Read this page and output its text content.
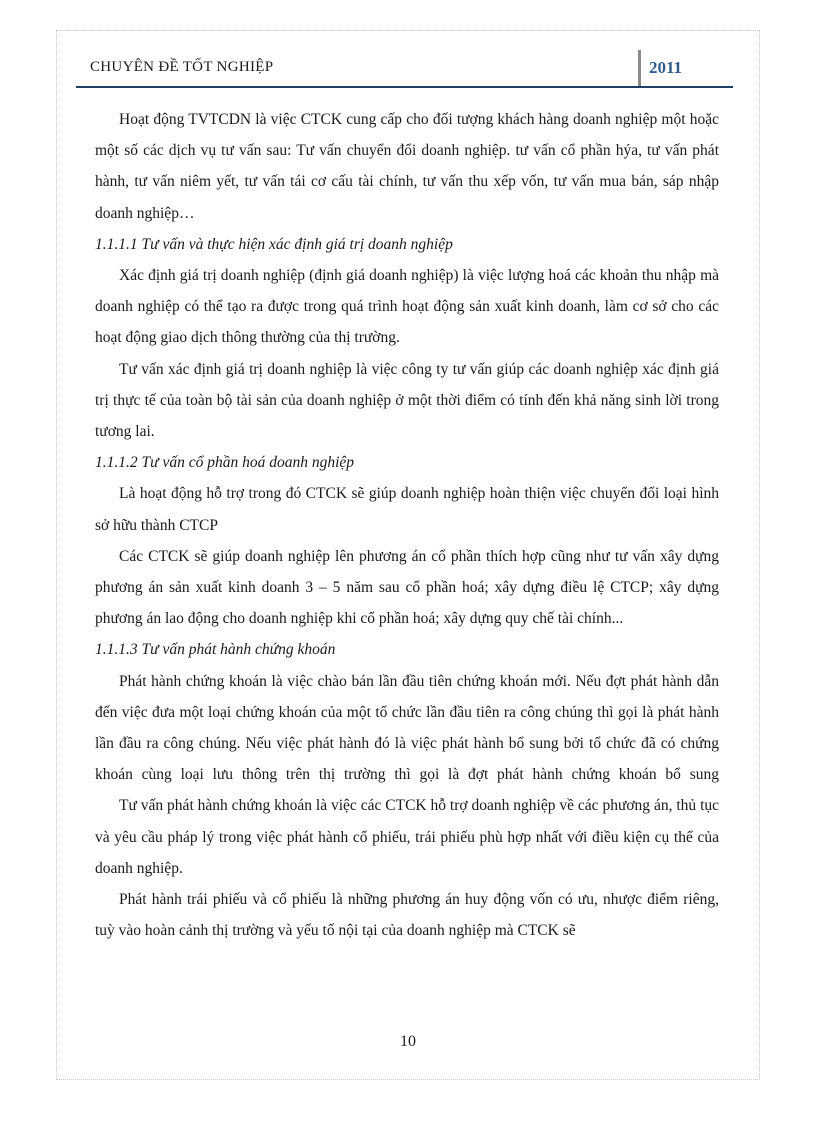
CHUYÊN ĐỀ TỐT NGHIỆP	2011

Hoạt động TVTCDN là việc CTCK cung cấp cho đối tượng khách hàng doanh nghiệp một hoặc một số các dịch vụ tư vấn sau: Tư vấn chuyển đổi doanh nghiệp. tư vấn cổ phần hýa, tư vấn phát hành, tư vấn niêm yết, tư vấn tái cơ cấu tài chính, tư vấn thu xếp vốn, tư vấn mua bán, sáp nhập doanh nghiệp…

1.1.1.1 Tư vấn và thực hiện xác định giá trị doanh nghiệp

Xác định giá trị doanh nghiệp (định giá doanh nghiệp) là việc lượng hoá các khoản thu nhập mà doanh nghiệp có thể tạo ra được trong quá trình hoạt động sản xuất kinh doanh, làm cơ sở cho các hoạt động giao dịch thông thường của thị trường.

Tư vấn xác định giá trị doanh nghiệp là việc công ty tư vấn giúp các doanh nghiệp xác định giá trị thực tế của toàn bộ tài sản của doanh nghiệp ở một thời điểm có tính đến khả năng sinh lời trong tương lai.

1.1.1.2 Tư vấn cổ phần hoá doanh nghiệp

Là hoạt động hỗ trợ trong đó CTCK sẽ giúp doanh nghiệp hoàn thiện việc chuyển đổi loại hình sở hữu thành CTCP

Các CTCK sẽ giúp doanh nghiệp lên phương án cổ phần thích hợp cũng như tư vấn xây dựng phương án sản xuất kinh doanh 3 – 5 năm sau cổ phần hoá; xây dựng điều lệ CTCP; xây dựng phương án lao động cho doanh nghiệp khi cổ phần hoá; xây dựng quy chế tài chính...

1.1.1.3 Tư vấn phát hành chứng khoán

Phát hành chứng khoán là việc chào bán lần đầu tiên chứng khoán mới. Nếu đợt phát hành dẫn đến việc đưa một loại chứng khoán của một tổ chức lần đầu tiên ra công chúng thì gọi là phát hành lần đầu ra công chúng. Nếu việc phát hành đó là việc phát hành bổ sung bởi tổ chức đã có chứng khoán cùng loại lưu thông trên thị trường thì gọi là đợt phát hành chứng khoán bổ sung

Tư vấn phát hành chứng khoán là việc các CTCK hỗ trợ doanh nghiệp về các phương án, thủ tục và yêu cầu pháp lý trong việc phát hành cổ phiếu, trái phiếu phù hợp nhất với điều kiện cụ thể của doanh nghiệp.

Phát hành trái phiếu và cổ phiếu là những phương án huy động vốn có ưu, nhược điểm riêng, tuỳ vào hoàn cảnh thị trường và yếu tố nội tại của doanh nghiệp mà CTCK sẽ

10
